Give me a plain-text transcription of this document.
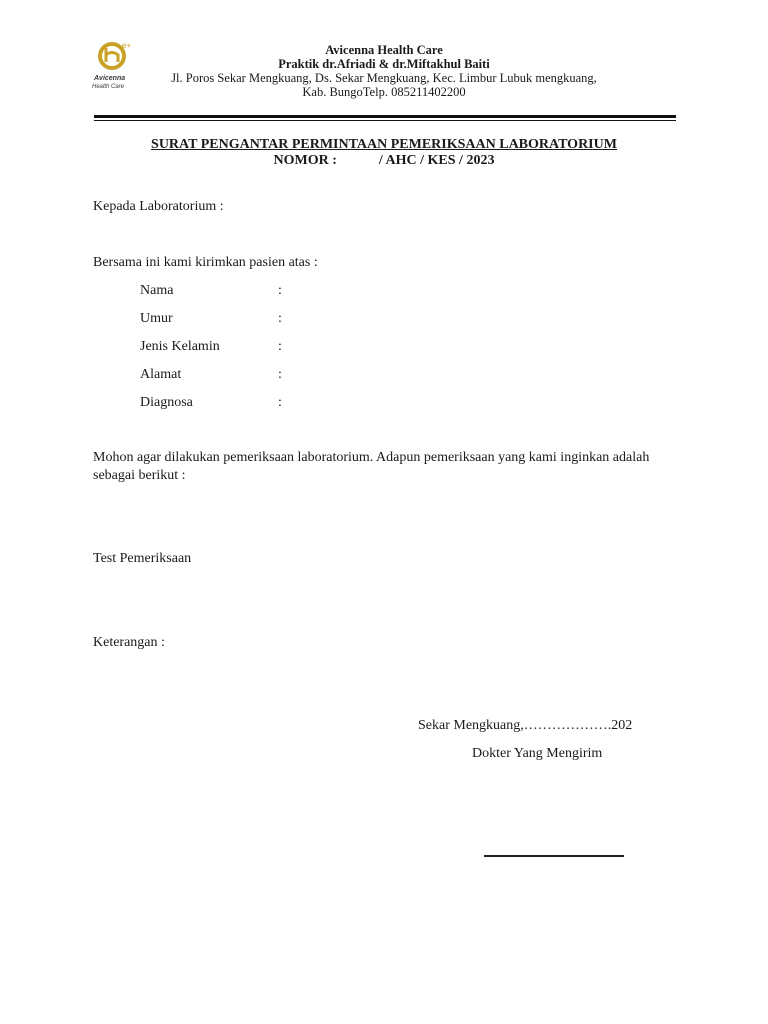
e+
Avicenna
Health Care
Avicenna Health Care
Praktik dr.Afriadi & dr.Miftakhul Baiti
Jl. Poros Sekar Mengkuang, Ds. Sekar Mengkuang, Kec. Limbur Lubuk mengkuang,
Kab. BungoTelp. 085211402200
SURAT PENGANTAR PERMINTAAN PEMERIKSAAN LABORATORIUM
NOMOR :            / AHC / KES / 2023
Kepada Laboratorium :
Bersama ini kami kirimkan pasien atas :
Nama	:
Umur	:
Jenis Kelamin	:
Alamat	:
Diagnosa	:
Mohon agar dilakukan pemeriksaan laboratorium. Adapun pemeriksaan yang kami inginkan adalah sebagai berikut :
Test Pemeriksaan
Keterangan :
Sekar Mengkuang,……………….202
Dokter Yang Mengirim
